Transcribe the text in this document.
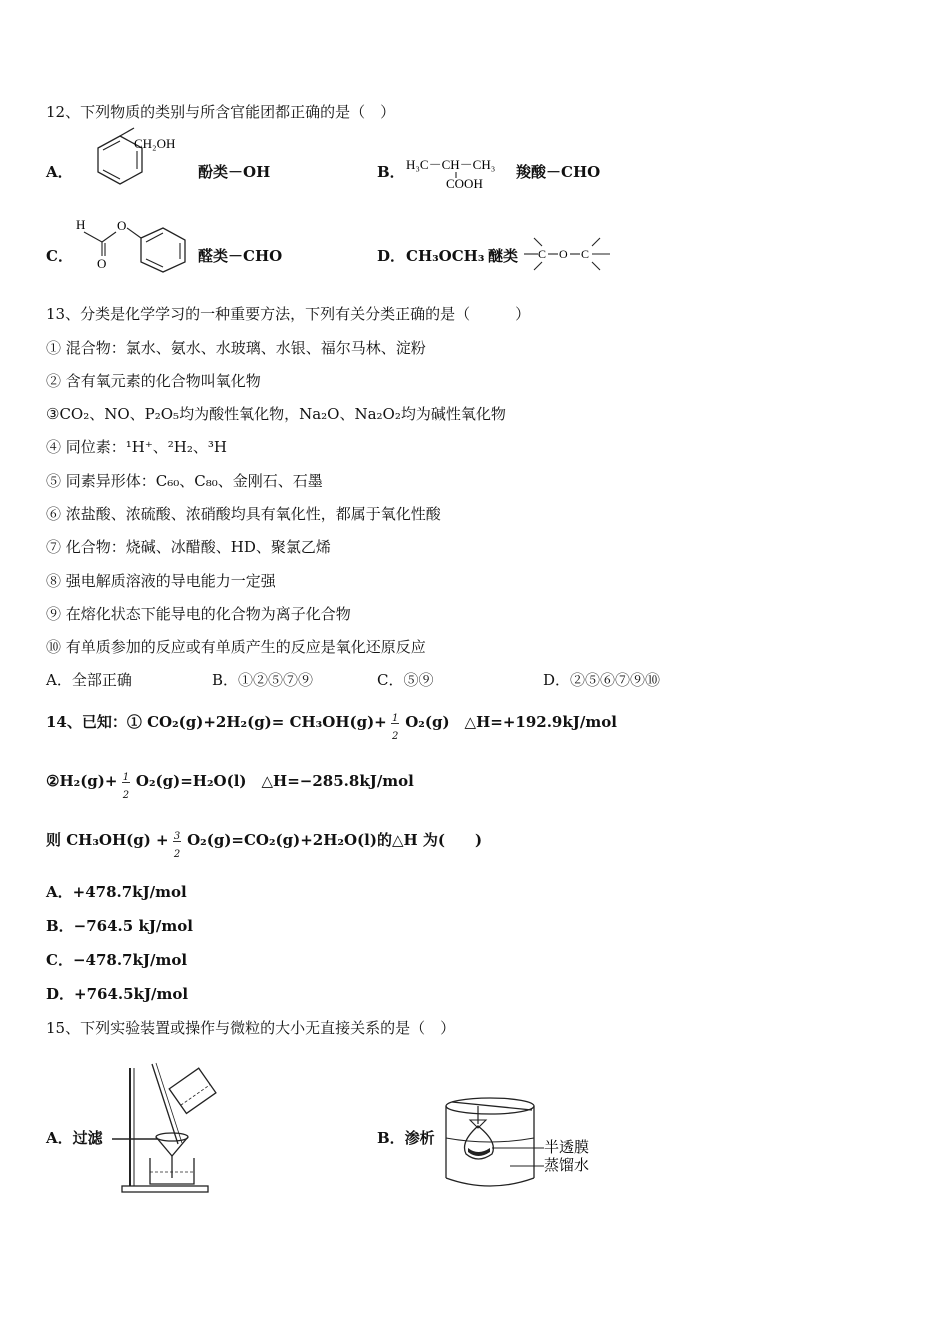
12、下列物质的类别与所含官能团都正确的是（　）
A．
CH₂OH
酚类－OH	B． H₃C－CH－CH₃
COOH
羧酸－CHO
C．
H
O
O
醛类－CHO	D． CH₃OCH₃ 醚类 C O C
13、分类是化学学习的一种重要方法，下列有关分类正确的是（　　　）
① 混合物：氯水、氨水、水玻璃、水银、福尔马林、淀粉
② 含有氧元素的化合物叫氧化物
③CO₂、NO、P₂O₅均为酸性氧化物，Na₂O、Na₂O₂均为碱性氧化物
④ 同位素：¹H⁺、²H₂、³H
⑤ 同素异形体：C₆₀、C₈₀、金刚石、石墨
⑥ 浓盐酸、浓硫酸、浓硝酸均具有氧化性，都属于氧化性酸
⑦ 化合物：烧碱、冰醋酸、HD、聚氯乙烯
⑧ 强电解质溶液的导电能力一定强
⑨ 在熔化状态下能导电的化合物为离子化合物
⑩ 有单质参加的反应或有单质产生的反应是氧化还原反应
A．全部正确	B．①②⑤⑦⑨	C．⑤⑨	D．②⑤⑥⑦⑨⑩
14、已知：① $CO_2(g)+2H_2(g)= CH_3OH(g)+ \frac{1}{2} O_2(g)$　△H=+192.9kJ/mol
②H₂(g)+ $\frac{1}{2} O_2(g)=H_2O(l)$　△H=−285.8kJ/mol
则 $CH_3OH(g) + \frac{3}{2} O_2(g)=CO_2(g)+2H_2O(l)$的△H 为(　　)
A．+478.7kJ/mol
B．−764.5 kJ/mol
C．−478.7kJ/mol
D．+764.5kJ/mol
15、下列实验装置或操作与微粒的大小无直接关系的是（　）
A．过滤	B．渗析
半透膜
蒸馏水
